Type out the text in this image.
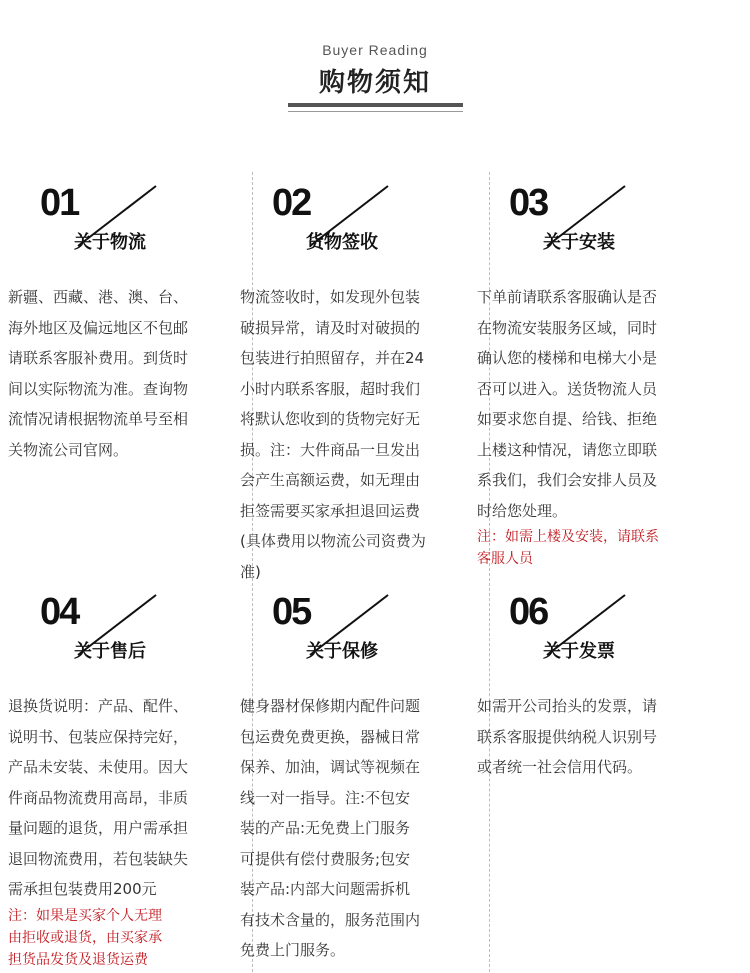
Buyer Reading
购物须知
01
关于物流
新疆、西藏、港、澳、台、
海外地区及偏远地区不包邮
请联系客服补费用。到货时
间以实际物流为准。查询物
流情况请根据物流单号至相
关物流公司官网。
02
货物签收
物流签收时，如发现外包装
破损异常，请及时对破损的
包装进行拍照留存，并在24
小时内联系客服，超时我们
将默认您收到的货物完好无
损。注：大件商品一旦发出
会产生高额运费，如无理由
拒签需要买家承担退回运费
(具体费用以物流公司资费为
准)
03
关于安装
下单前请联系客服确认是否
在物流安装服务区域，同时
确认您的楼梯和电梯大小是
否可以进入。送货物流人员
如要求您自提、给钱、拒绝
上楼这种情况，请您立即联
系我们，我们会安排人员及
时给您处理。
注：如需上楼及安装，请联系
客服人员
04
关于售后
退换货说明：产品、配件、
说明书、包装应保持完好，
产品未安装、未使用。因大
件商品物流费用高昂，非质
量问题的退货，用户需承担
退回物流费用，若包装缺失
需承担包装费用200元
注：如果是买家个人无理
由拒收或退货，由买家承
担货品发货及退货运费
05
关于保修
健身器材保修期内配件问题
包运费免费更换，器械日常
保养、加油，调试等视频在
线一对一指导。注:不包安
装的产品:无免费上门服务
可提供有偿付费服务;包安
装产品:内部大问题需拆机
有技术含量的，服务范围内
免费上门服务。
06
关于发票
如需开公司抬头的发票，请
联系客服提供纳税人识别号
或者统一社会信用代码。
